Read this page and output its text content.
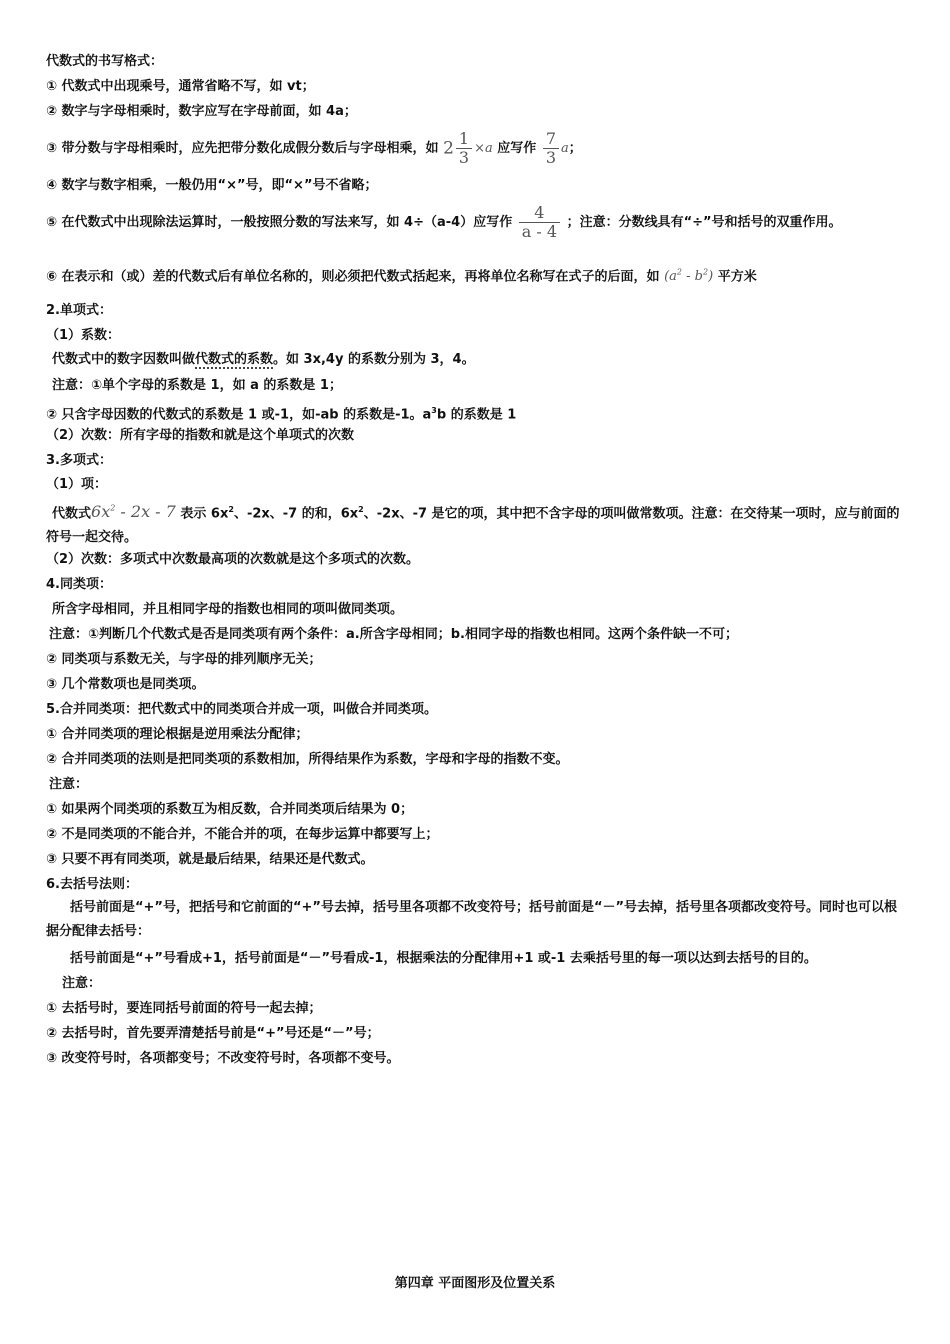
代数式的书写格式：
① 代数式中出现乘号，通常省略不写，如 vt；
② 数字与字母相乘时，数字应写在字母前面，如 4a；
③ 带分数与字母相乘时，应先把带分数化成假分数后与字母相乘，如 $2 \frac{1}{3} \times a$ 应写作 $\frac{7}{3}$ a；
④ 数字与数字相乘，一般仍用“×”号，即“×”号不省略；
⑤ 在代数式中出现除法运算时，一般按照分数的写法来写，如 4÷（a-4）应写作 $\frac{4}{a - 4}$ ；注意：分数线具有“÷”号和括号的双重作用。
⑥ 在表示和（或）差的代数式后有单位名称的，则必须把代数式括起来，再将单位名称写在式子的后面，如 $(a^2 - b^2)$ 平方米
2.单项式：
（1）系数：
代数式中的数字因数叫做代数式的系数。如 3x,4y 的系数分别为 3，4。
注意：①单个字母的系数是 1，如 a 的系数是 1；
② 只含字母因数的代数式的系数是 1 或-1，如-ab 的系数是-1。$a^3b$ 的系数是 1
（2）次数：所有字母的指数和就是这个单项式的次数
3.多项式：
（1）项：
代数式$6x^2 - 2x - 7$ 表示 $6x^2$、-2x、-7 的和，$6x^2$、-2x、-7 是它的项，其中把不含字母的项叫做常数项。注意：在交待某一项时，应与前面的符号一起交待。
（2）次数：多项式中次数最高项的次数就是这个多项式的次数。
4.同类项：
所含字母相同，并且相同字母的指数也相同的项叫做同类项。
注意：①判断几个代数式是否是同类项有两个条件：a.所含字母相同；b.相同字母的指数也相同。这两个条件缺一不可；
② 同类项与系数无关，与字母的排列顺序无关；
③ 几个常数项也是同类项。
5.合并同类项：把代数式中的同类项合并成一项，叫做合并同类项。
① 合并同类项的理论根据是逆用乘法分配律；
② 合并同类项的法则是把同类项的系数相加，所得结果作为系数，字母和字母的指数不变。
注意：
① 如果两个同类项的系数互为相反数，合并同类项后结果为 0；
② 不是同类项的不能合并，不能合并的项，在每步运算中都要写上；
③ 只要不再有同类项，就是最后结果，结果还是代数式。
6.去括号法则：
括号前面是“+”号，把括号和它前面的“+”号去掉，括号里各项都不改变符号；括号前面是“－”号去掉，括号里各项都改变符号。同时也可以根据分配律去括号：
括号前面是“+”号看成+1，括号前面是“－”号看成-1，根据乘法的分配律用+1 或-1 去乘括号里的每一项以达到去括号的目的。
注意：
① 去括号时，要连同括号前面的符号一起去掉；
② 去括号时，首先要弄清楚括号前是“+”号还是“－”号；
③ 改变符号时，各项都变号；不改变符号时，各项都不变号。
第四章 平面图形及位置关系
